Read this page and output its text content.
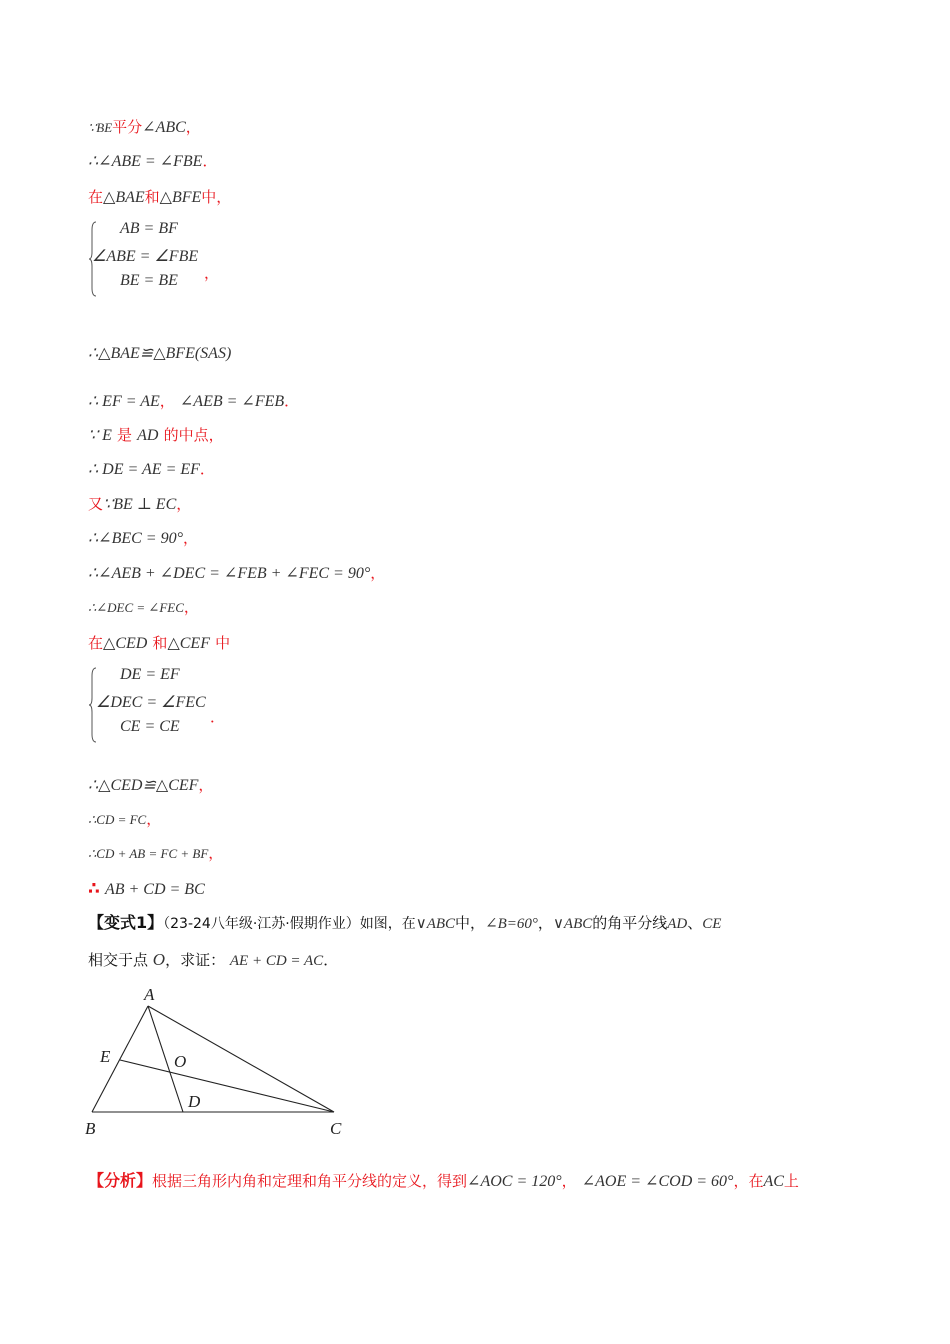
∵BE平分∠ABC，
∴∠ABE = ∠FBE．
在△BAE和△BFE中，
AB = BF
∠ABE = ∠FBE
BE = BE ，
∴△BAE≌△BFE(SAS)
∴ EF = AE， ∠AEB = ∠FEB．
∵ E 是 AD 的中点，
∴ DE = AE = EF．
又∵BE ⊥ EC，
∴∠BEC = 90°，
∴∠AEB + ∠DEC = ∠FEB + ∠FEC = 90°，
∴∠DEC = ∠FEC，
在△CED 和△CEF 中
DE = EF
∠DEC = ∠FEC
CE = CE
．
∴△CED≌△CEF，
∴CD = FC，
∴CD + AB = FC + BF，
∴ AB + CD = BC
【变式1】（23-24八年级·江苏·假期作业）如图，在∨ABC中，∠B=60°，∨ABC的角平分线AD、CE
相交于点 O，求证： AE + CD = AC．
A
B	C
D
E	O
【分析】根据三角形内角和定理和角平分线的定义，得到∠AOC = 120°， ∠AOE = ∠COD = 60°，在AC上
